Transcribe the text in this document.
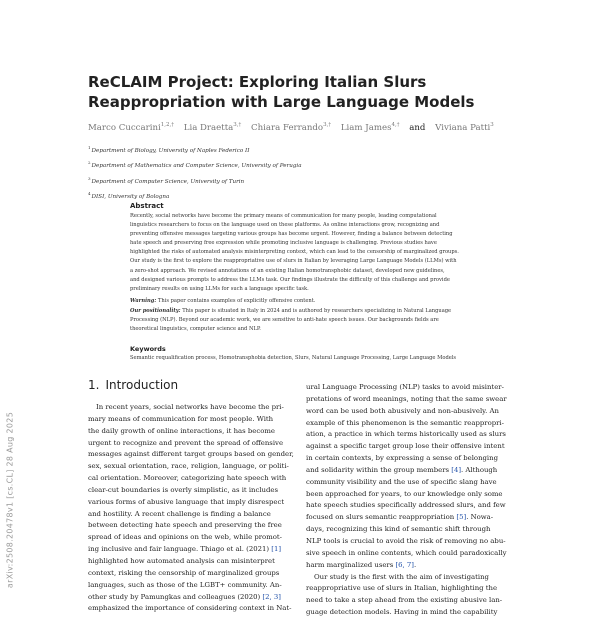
arXiv:2508.20478v1 [cs.CL] 28 Aug 2025
ReCLAIM Project: Exploring Italian Slurs Reappropriation with Large Language Models
Marco Cuccarini$^{1,2,\dagger}$ Lia Draetta$^{3,\dagger}$ Chiara Ferrando$^{3,\dagger}$ Liam James$^{4,\dagger}$ and Viviana Patti$^3$
$^1$Department of Biology, University of Naples Federico II
$^2$Department of Mathematics and Computer Science, University of Perugia
$^3$Department of Computer Science, University of Turin
$^4$DISI, University of Bologna
Abstract
Recently, social networks have become the primary means of communication for many people, leading computational
linguistics researchers to focus on the language used on these platforms. As online interactions grow, recognizing and
preventing offensive messages targeting various groups has become urgent. However, finding a balance between detecting
hate speech and preserving free expression while promoting inclusive language is challenging. Previous studies have
highlighted the risks of automated analysis misinterpreting context, which can lead to the censorship of marginalized groups.
Our study is the first to explore the reappropriative use of slurs in Italian by leveraging Large Language Models (LLMs) with
a zero-shot approach. We revised annotations of an existing Italian homotransphobic dataset, developed new guidelines,
and designed various prompts to address the LLMs task. Our findings illustrate the difficulty of this challenge and provide
preliminary results on using LLMs for such a language specific task.
Warning: This paper contains examples of explicitly offensive content.
Our positionality: This paper is situated in Italy in 2024 and is authored by researchers specializing in Natural Language
Processing (NLP). Beyond our academic work, we are sensitive to anti-hate speech issues. Our backgrounds fields are
theoretical linguistics, computer science and NLP.
Keywords
Semantic requalification process, Homotransphobia detection, Slurs, Natural Language Processing, Large Language Models
1. Introduction
In recent years, social networks have become the pri-
mary means of communication for most people. With
the daily growth of online interactions, it has become
urgent to recognize and prevent the spread of offensive
messages against different target groups based on gender,
sex, sexual orientation, race, religion, language, or politi-
cal orientation. Moreover, categorizing hate speech with
clear-cut boundaries is overly simplistic, as it includes
various forms of abusive language that imply disrespect
and hostility. A recent challenge is finding a balance
between detecting hate speech and preserving the free
spread of ideas and opinions on the web, while promot-
ing inclusive and fair language. Thiago et al. (2021) [1]
highlighted how automated analysis can misinterpret
context, risking the censorship of marginalized groups
languages, such as those of the LGBT+ community. An-
other study by Pamungkas and colleagues (2020) [2, 3]
emphasized the importance of considering context in Nat-
ural Language Processing (NLP) tasks to avoid misinter-
pretations of word meanings, noting that the same swear
word can be used both abusively and non-abusively. An
example of this phenomenon is the semantic reappropri-
ation, a practice in which terms historically used as slurs
against a specific target group lose their offensive intent
in certain contexts, by expressing a sense of belonging
and solidarity within the group members [4]. Although
community visibility and the use of specific slang have
been approached for years, to our knowledge only some
hate speech studies specifically addressed slurs, and few
focused on slurs semantic reappropriation [5]. Nowa-
days, recognizing this kind of semantic shift through
NLP tools is crucial to avoid the risk of removing no abu-
sive speech in online contents, which could paradoxically
harm marginalized users [6, 7].
Our study is the first with the aim of investigating
reappropriative use of slurs in Italian, highlighting the
need to take a step ahead from the existing abusive lan-
guage detection models. Having in mind the capability
